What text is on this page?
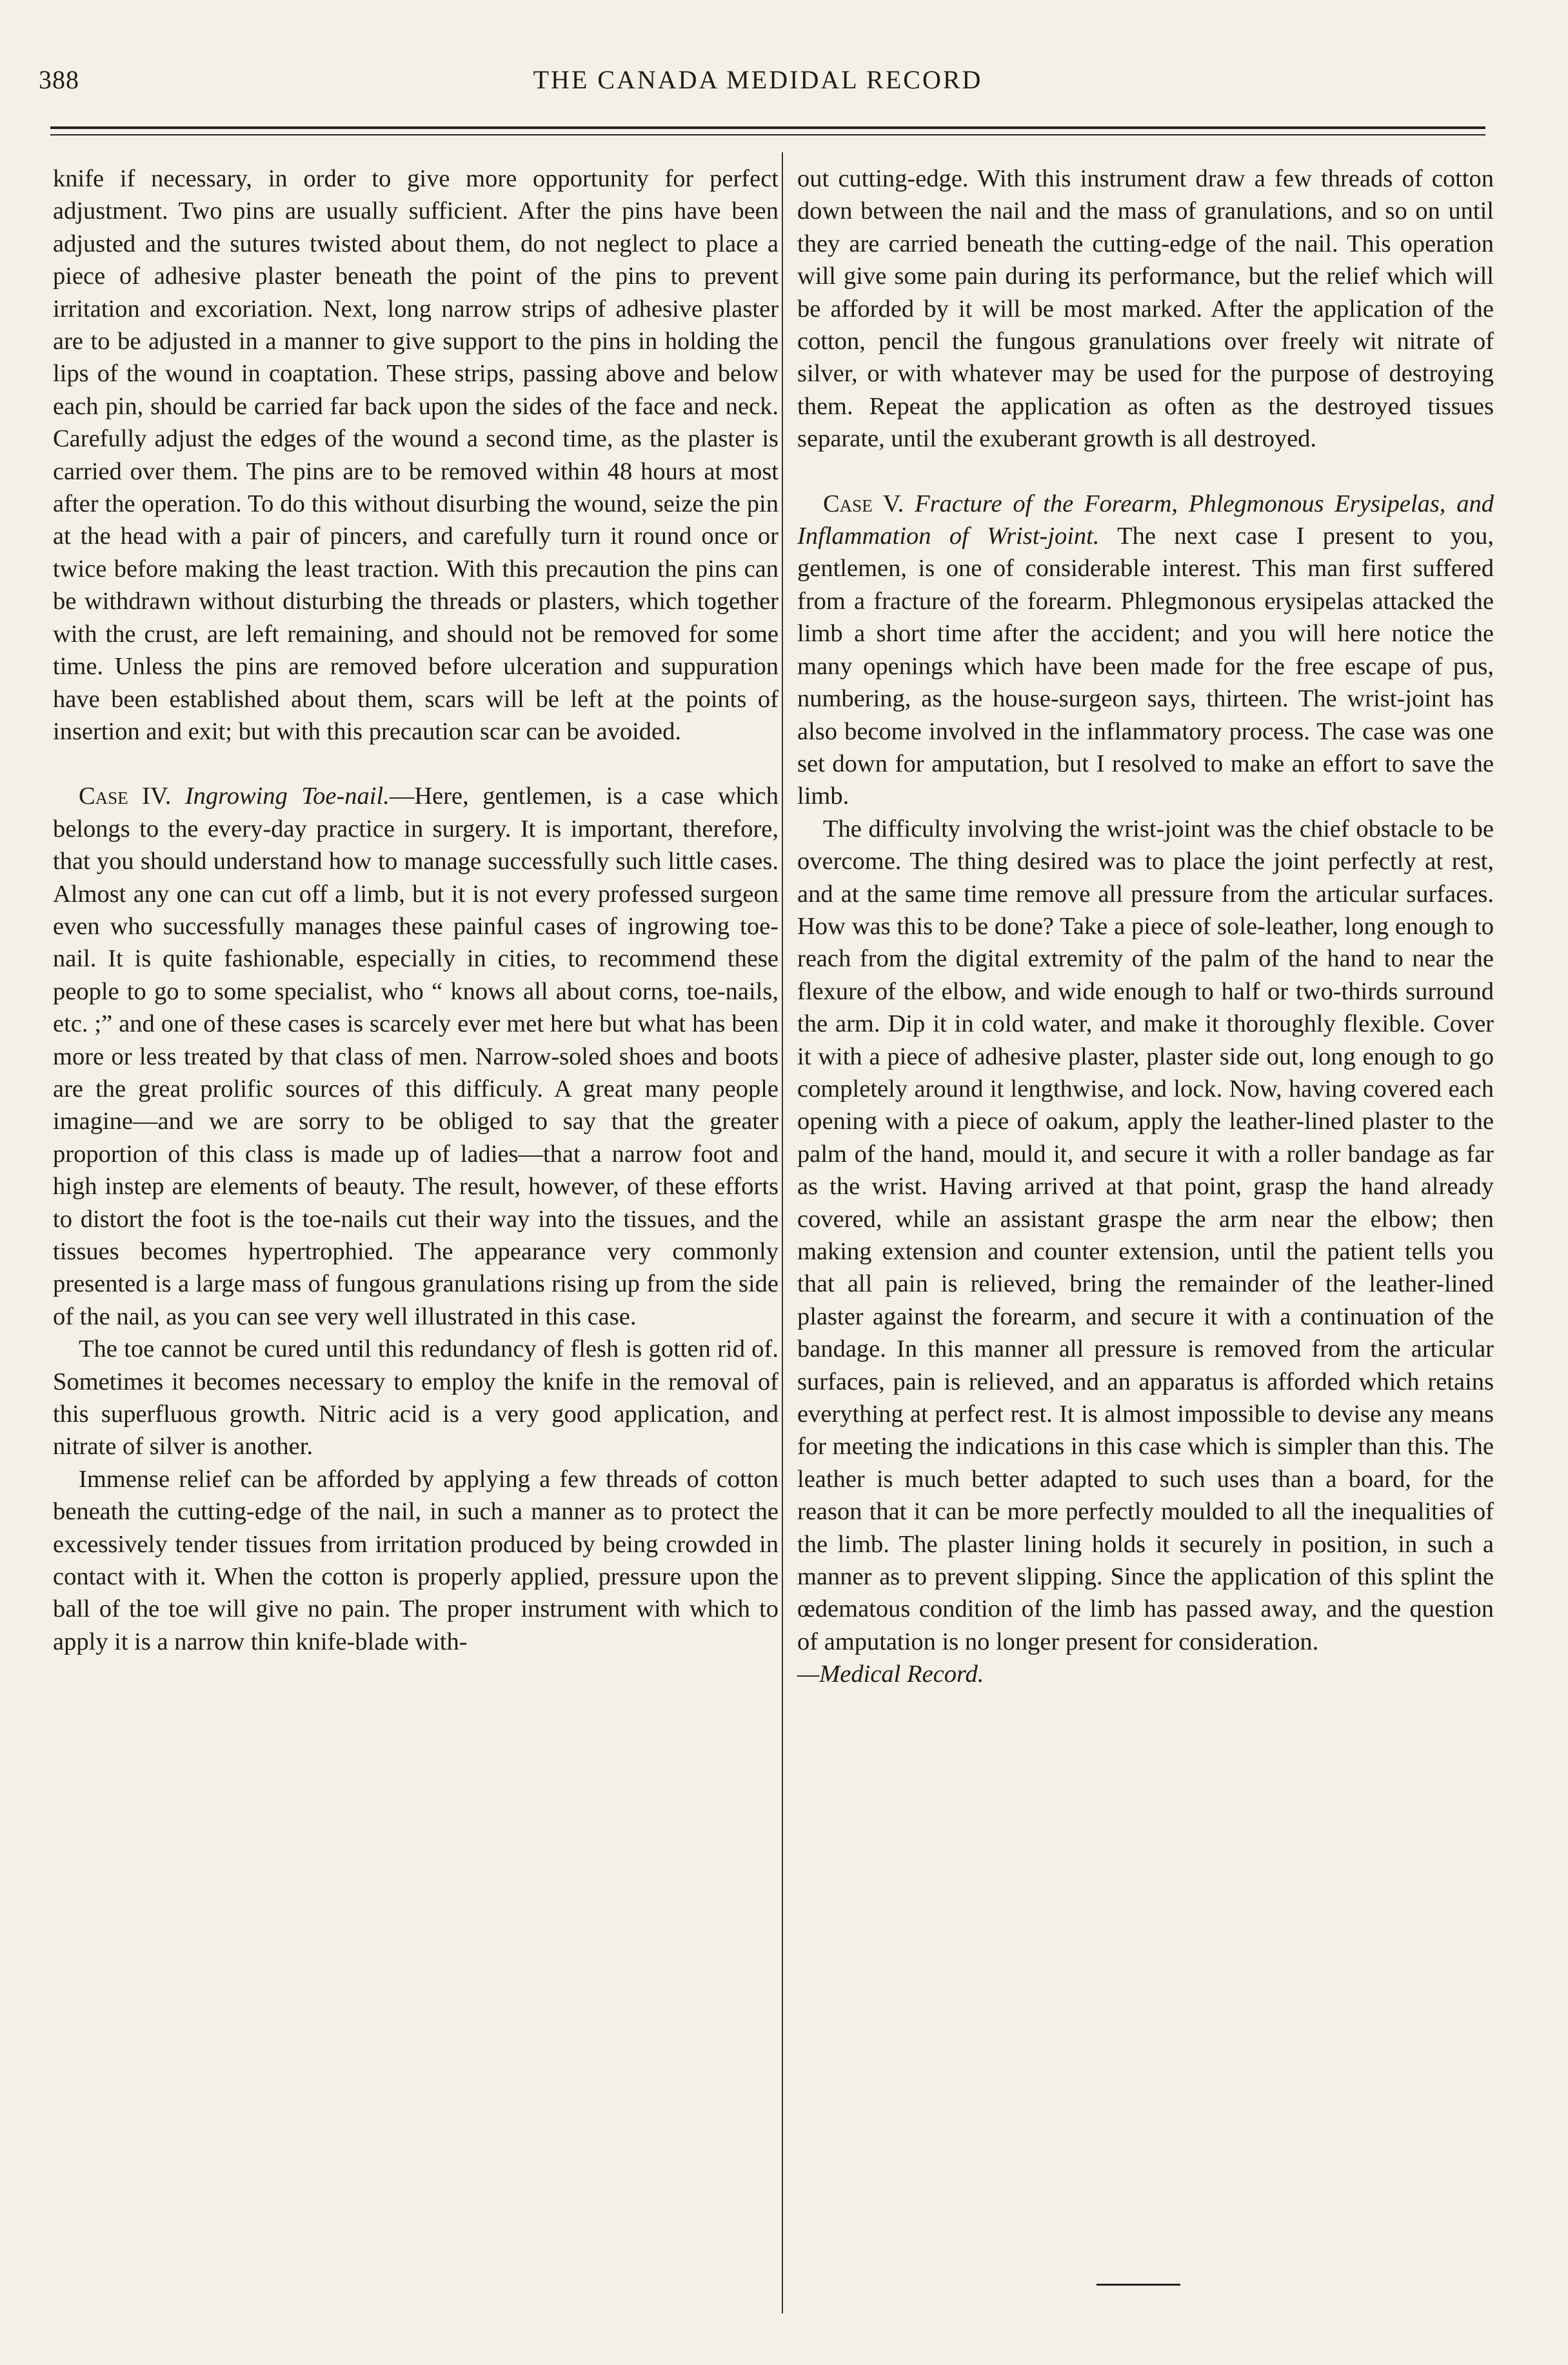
388	THE CANADA MEDIDAL RECORD

knife if necessary, in order to give more opportunity for perfect adjustment. Two pins are usually sufficient. After the pins have been adjusted and the sutures twisted about them, do not neglect to place a piece of adhesive plaster beneath the point of the pins to prevent irritation and excoriation. Next, long narrow strips of adhesive plaster are to be adjusted in a manner to give support to the pins in holding the lips of the wound in coaptation. These strips, passing above and below each pin, should be carried far back upon the sides of the face and neck. Carefully adjust the edges of the wound a second time, as the plaster is carried over them. The pins are to be removed within 48 hours at most after the operation. To do this without disurbing the wound, seize the pin at the head with a pair of pincers, and carefully turn it round once or twice before making the least traction. With this precaution the pins can be withdrawn without disturbing the threads or plasters, which together with the crust, are left remaining, and should not be removed for some time. Unless the pins are removed before ulceration and suppuration have been established about them, scars will be left at the points of insertion and exit; but with this precaution scar can be avoided.

Case IV. Ingrowing Toe-nail.—Here, gentlemen, is a case which belongs to the every-day practice in surgery. It is important, therefore, that you should understand how to manage successfully such little cases. Almost any one can cut off a limb, but it is not every professed surgeon even who successfully manages these painful cases of ingrowing toe-nail. It is quite fashionable, especially in cities, to recommend these people to go to some specialist, who “ knows all about corns, toe-nails, etc. ;” and one of these cases is scarcely ever met here but what has been more or less treated by that class of men. Narrow-soled shoes and boots are the great prolific sources of this difficuly. A great many people imagine—and we are sorry to be obliged to say that the greater proportion of this class is made up of ladies—that a narrow foot and high instep are elements of beauty. The result, however, of these efforts to distort the foot is the toe-nails cut their way into the tissues, and the tissues becomes hypertrophied. The appearance very commonly presented is a large mass of fungous granulations rising up from the side of the nail, as you can see very well illustrated in this case.

The toe cannot be cured until this redundancy of flesh is gotten rid of. Sometimes it becomes necessary to employ the knife in the removal of this superfluous growth. Nitric acid is a very good application, and nitrate of silver is another.

Immense relief can be afforded by applying a few threads of cotton beneath the cutting-edge of the nail, in such a manner as to protect the excessively tender tissues from irritation produced by being crowded in contact with it. When the cotton is properly applied, pressure upon the ball of the toe will give no pain. The proper instrument with which to apply it is a narrow thin knife-blade with-

out cutting-edge. With this instrument draw a few threads of cotton down between the nail and the mass of granulations, and so on until they are carried beneath the cutting-edge of the nail. This operation will give some pain during its performance, but the relief which will be afforded by it will be most marked. After the application of the cotton, pencil the fungous granulations over freely wit nitrate of silver, or with whatever may be used for the purpose of destroying them. Repeat the application as often as the destroyed tissues separate, until the exuberant growth is all destroyed.

Case V. Fracture of the Forearm, Phlegmonous Erysipelas, and Inflammation of Wrist-joint. The next case I present to you, gentlemen, is one of considerable interest. This man first suffered from a fracture of the forearm. Phlegmonous erysipelas attacked the limb a short time after the accident; and you will here notice the many openings which have been made for the free escape of pus, numbering, as the house-surgeon says, thirteen. The wrist-joint has also become involved in the inflammatory process. The case was one set down for amputation, but I resolved to make an effort to save the limb.

The difficulty involving the wrist-joint was the chief obstacle to be overcome. The thing desired was to place the joint perfectly at rest, and at the same time remove all pressure from the articular surfaces. How was this to be done? Take a piece of sole-leather, long enough to reach from the digital extremity of the palm of the hand to near the flexure of the elbow, and wide enough to half or two-thirds surround the arm. Dip it in cold water, and make it thoroughly flexible. Cover it with a piece of adhesive plaster, plaster side out, long enough to go completely around it lengthwise, and lock. Now, having covered each opening with a piece of oakum, apply the leather-lined plaster to the palm of the hand, mould it, and secure it with a roller bandage as far as the wrist. Having arrived at that point, grasp the hand already covered, while an assistant graspe the arm near the elbow; then making extension and counter extension, until the patient tells you that all pain is relieved, bring the remainder of the leather-lined plaster against the forearm, and secure it with a continuation of the bandage. In this manner all pressure is removed from the articular surfaces, pain is relieved, and an apparatus is afforded which retains everything at perfect rest. It is almost impossible to devise any means for meeting the indications in this case which is simpler than this. The leather is much better adapted to such uses than a board, for the reason that it can be more perfectly moulded to all the inequalities of the limb. The plaster lining holds it securely in position, in such a manner as to prevent slipping. Since the application of this splint the œdematous condition of the limb has passed away, and the question of amputation is no longer present for consideration.
—Medical Record.
